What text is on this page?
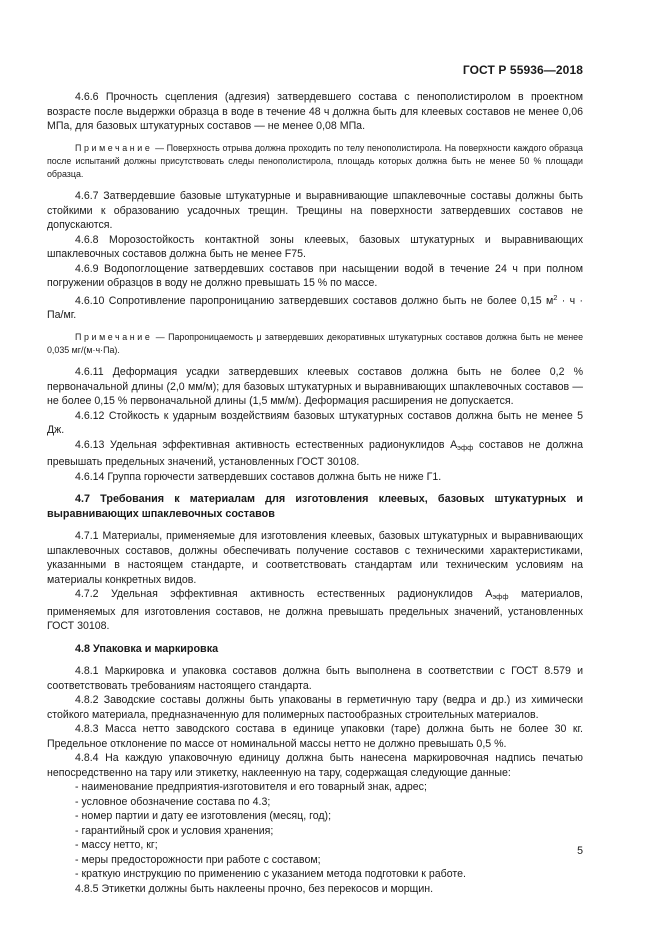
ГОСТ Р 55936—2018

4.6.6 Прочность сцепления (адгезия) затвердевшего состава с пенополистиролом в проектном возрасте после выдержки образца в воде в течение 48 ч должна быть для клеевых составов не менее 0,06 МПа, для базовых штукатурных составов — не менее 0,08 МПа.

Примечание — Поверхность отрыва должна проходить по телу пенополистирола. На поверхности каждого образца после испытаний должны присутствовать следы пенополистирола, площадь которых должна быть не менее 50 % площади образца.

4.6.7 Затвердевшие базовые штукатурные и выравнивающие шпаклевочные составы должны быть стойкими к образованию усадочных трещин. Трещины на поверхности затвердевших составов не допускаются.

4.6.8 Морозостойкость контактной зоны клеевых, базовых штукатурных и выравнивающих шпаклевочных составов должна быть не менее F75.

4.6.9 Водопоглощение затвердевших составов при насыщении водой в течение 24 ч при полном погружении образцов в воду не должно превышать 15 % по массе.

4.6.10 Сопротивление паропроницанию затвердевших составов должно быть не более 0,15 $м^2 \cdot ч \cdot Па/мг$.

Примечание — Паропроницаемость μ затвердевших декоративных штукатурных составов должна быть не менее 0,035 мг/(м·ч·Па).

4.6.11 Деформация усадки затвердевших клеевых составов должна быть не более 0,2 % первоначальной длины (2,0 мм/м); для базовых штукатурных и выравнивающих шпаклевочных составов — не более 0,15 % первоначальной длины (1,5 мм/м). Деформация расширения не допускается.

4.6.12 Стойкость к ударным воздействиям базовых штукатурных составов должна быть не менее 5 Дж.

4.6.13 Удельная эффективная активность естественных радионуклидов $A_{эфф}$ составов не должна превышать предельных значений, установленных ГОСТ 30108.

4.6.14 Группа горючести затвердевших составов должна быть не ниже Г1.

4.7 Требования к материалам для изготовления клеевых, базовых штукатурных и выравнивающих шпаклевочных составов

4.7.1 Материалы, применяемые для изготовления клеевых, базовых штукатурных и выравнивающих шпаклевочных составов, должны обеспечивать получение составов с техническими характеристиками, указанными в настоящем стандарте, и соответствовать стандартам или техническим условиям на материалы конкретных видов.

4.7.2 Удельная эффективная активность естественных радионуклидов $A_{эфф}$ материалов, применяемых для изготовления составов, не должна превышать предельных значений, установленных ГОСТ 30108.

4.8 Упаковка и маркировка

4.8.1 Маркировка и упаковка составов должна быть выполнена в соответствии с ГОСТ 8.579 и соответствовать требованиям настоящего стандарта.

4.8.2 Заводские составы должны быть упакованы в герметичную тару (ведра и др.) из химически стойкого материала, предназначенную для полимерных пастообразных строительных материалов.

4.8.3 Масса нетто заводского состава в единице упаковки (таре) должна быть не более 30 кг. Предельное отклонение по массе от номинальной массы нетто не должно превышать 0,5 %.

4.8.4 На каждую упаковочную единицу должна быть нанесена маркировочная надпись печатью непосредственно на тару или этикетку, наклеенную на тару, содержащая следующие данные:

- наименование предприятия-изготовителя и его товарный знак, адрес;
- условное обозначение состава по 4.3;
- номер партии и дату ее изготовления (месяц, год);
- гарантийный срок и условия хранения;
- массу нетто, кг;
- меры предосторожности при работе с составом;
- краткую инструкцию по применению с указанием метода подготовки к работе.

4.8.5 Этикетки должны быть наклеены прочно, без перекосов и морщин.

5
